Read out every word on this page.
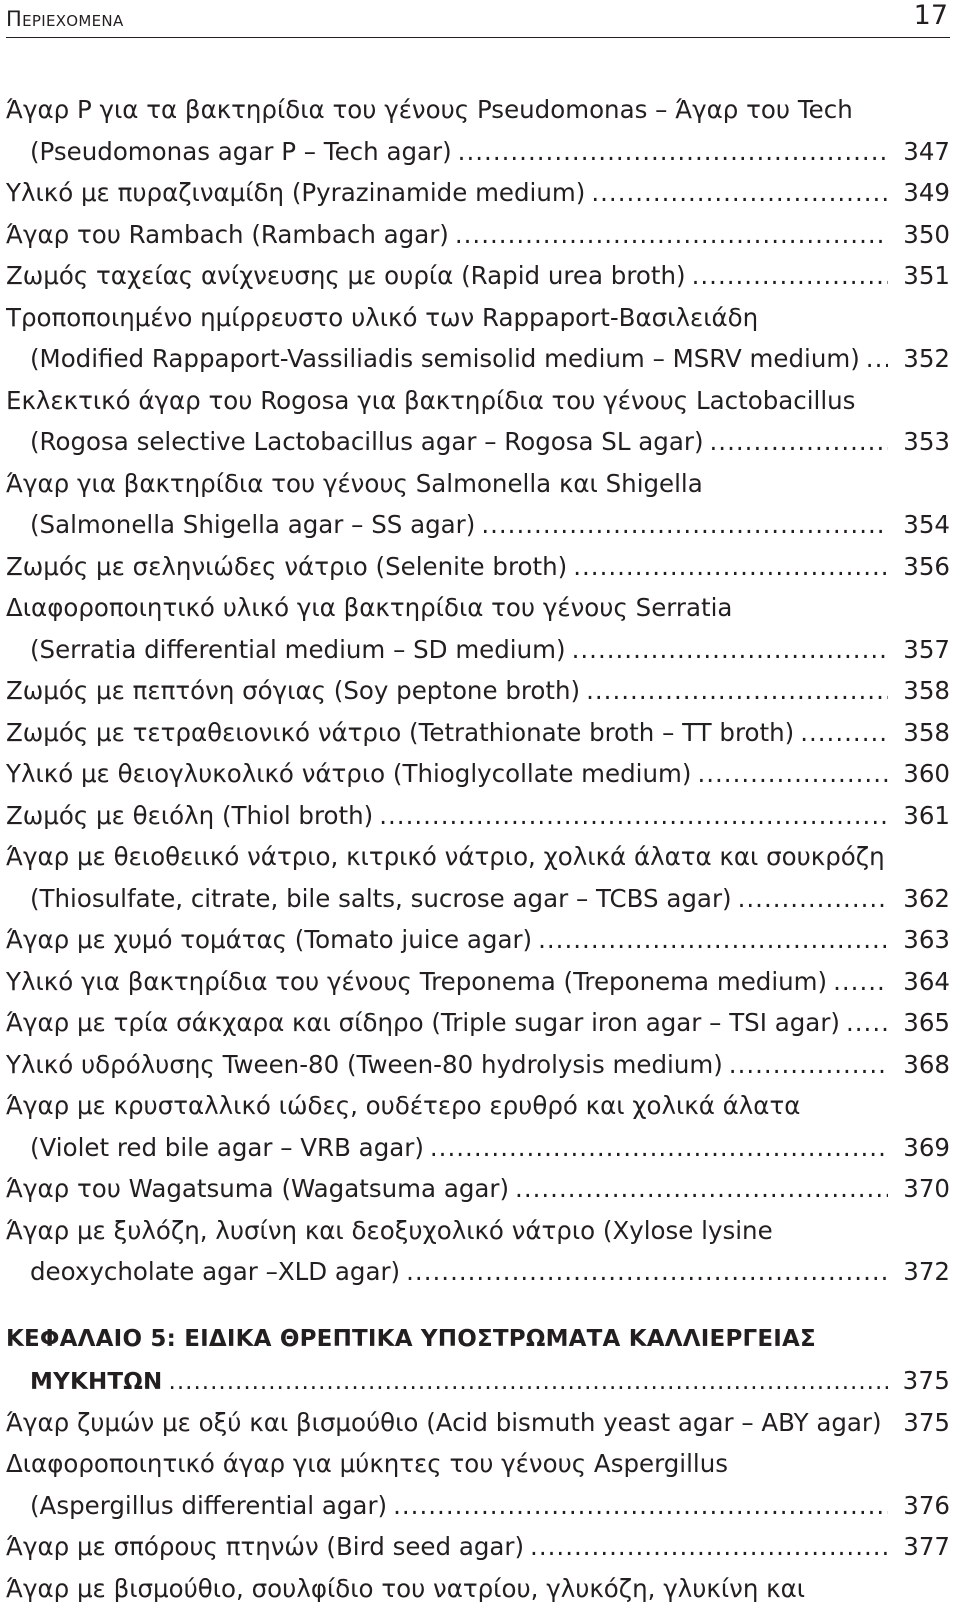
Περιεχομενα	17
Άγαρ P για τα βακτηρίδια του γένους Pseudomonas – Άγαρ του Tech
(Pseudomonas agar P – Tech agar) .....	347
Υλικό με πυραζιναμίδη (Pyrazinamide medium) .....	349
Άγαρ του Rambach (Rambach agar) .....	350
Ζωμός ταχείας ανίχνευσης με ουρία (Rapid urea broth) .....	351
Τροποποιημένο ημίρρευστο υλικό των Rappaport-Βασιλειάδη
(Modified Rappaport-Vassiliadis semisolid medium – MSRV medium) ..... 352
Εκλεκτικό άγαρ του Rogosa για βακτηρίδια του γένους Lactobacillus
(Rogosa selective Lactobacillus agar – Rogosa SL agar) .....	353
Άγαρ για βακτηρίδια του γένους Salmonella και Shigella
(Salmonella Shigella agar – SS agar) .....	354
Ζωμός με σεληνιώδες νάτριο (Selenite broth) .....	356
Διαφοροποιητικό υλικό για βακτηρίδια του γένους Serratia
(Serratia differential medium – SD medium) .....	357
Ζωμός με πεπτόνη σόγιας (Soy peptone broth) .....	358
Ζωμός με τετραθειονικό νάτριο (Tetrathionate broth – TT broth) .....	358
Υλικό με θειογλυκολικό νάτριο (Thioglycollate medium) .....	360
Ζωμός με θειόλη (Thiol broth) .....	361
Άγαρ με θειοθειικό νάτριο, κιτρικό νάτριο, χολικά άλατα και σουκρόζη
(Thiosulfate, citrate, bile salts, sucrose agar – TCBS agar) .....	362
Άγαρ με χυμό τομάτας (Tomato juice agar) .....	363
Υλικό για βακτηρίδια του γένους Treponema (Treponema medium) .....	364
Άγαρ με τρία σάκχαρα και σίδηρο (Triple sugar iron agar – TSI agar) .....	365
Υλικό υδρόλυσης Tween-80 (Tween-80 hydrolysis medium) .....	368
Άγαρ με κρυσταλλικό ιώδες, ουδέτερο ερυθρό και χολικά άλατα
(Violet red bile agar – VRB agar) .....	369
Άγαρ του Wagatsuma (Wagatsuma agar) .....	370
Άγαρ με ξυλόζη, λυσίνη και δεοξυχολικό νάτριο (Xylose lysine
deoxycholate agar –XLD agar) .....	372
ΚΕΦΑΛΑΙΟ 5: ΕΙΔΙΚΑ ΘΡΕΠΤΙΚΑ ΥΠΟΣΤΡΩΜΑΤΑ ΚΑΛΛΙΕΡΓΕΙΑΣ
ΜΥΚΗΤΩΝ .....	375
Άγαρ ζυμών με οξύ και βισμούθιο (Acid bismuth yeast agar – ABY agar) ..... 375
Διαφοροποιητικό άγαρ για μύκητες του γένους Aspergillus
(Aspergillus differential agar) .....	376
Άγαρ με σπόρους πτηνών (Bird seed agar) .....	377
Άγαρ με βισμούθιο, σουλφίδιο του νατρίου, γλυκόζη, γλυκίνη και
